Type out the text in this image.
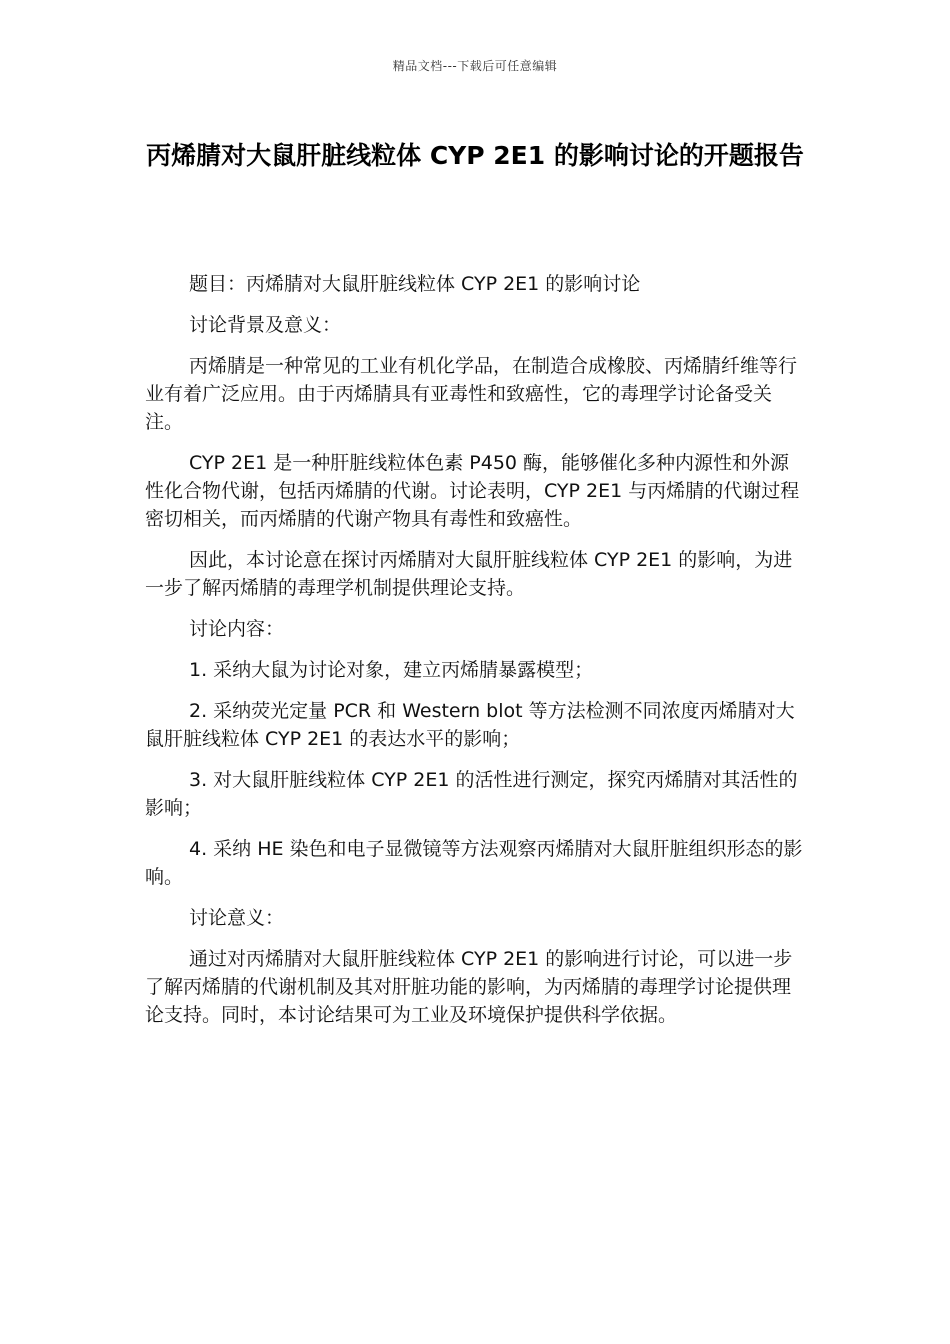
精品文档---下载后可任意编辑
丙烯腈对大鼠肝脏线粒体 CYP 2E1 的影响讨论的开题报告

题目：丙烯腈对大鼠肝脏线粒体 CYP 2E1 的影响讨论

讨论背景及意义：

丙烯腈是一种常见的工业有机化学品，在制造合成橡胶、丙烯腈纤维等行业有着广泛应用。由于丙烯腈具有亚毒性和致癌性，它的毒理学讨论备受关注。

CYP 2E1 是一种肝脏线粒体色素 P450 酶，能够催化多种内源性和外源性化合物代谢，包括丙烯腈的代谢。讨论表明，CYP 2E1 与丙烯腈的代谢过程密切相关，而丙烯腈的代谢产物具有毒性和致癌性。

因此，本讨论意在探讨丙烯腈对大鼠肝脏线粒体 CYP 2E1 的影响，为进一步了解丙烯腈的毒理学机制提供理论支持。

讨论内容：

1. 采纳大鼠为讨论对象，建立丙烯腈暴露模型；

2. 采纳荧光定量 PCR 和 Western blot 等方法检测不同浓度丙烯腈对大鼠肝脏线粒体 CYP 2E1 的表达水平的影响；

3. 对大鼠肝脏线粒体 CYP 2E1 的活性进行测定，探究丙烯腈对其活性的影响；

4. 采纳 HE 染色和电子显微镜等方法观察丙烯腈对大鼠肝脏组织形态的影响。

讨论意义：

通过对丙烯腈对大鼠肝脏线粒体 CYP 2E1 的影响进行讨论，可以进一步了解丙烯腈的代谢机制及其对肝脏功能的影响，为丙烯腈的毒理学讨论提供理论支持。同时，本讨论结果可为工业及环境保护提供科学依据。
